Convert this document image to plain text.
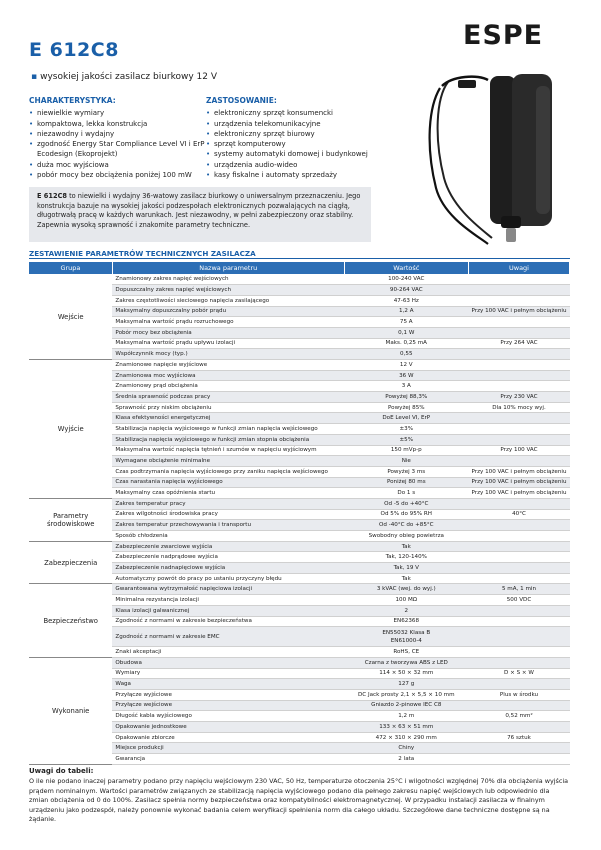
ESPE
E 612C8
▪ wysokiej jakości zasilacz biurkowy 12 V
CHARAKTERYSTYKA:
• niewielkie wymiary
• kompaktowa, lekka konstrukcja
• niezawodny i wydajny
• zgodność Energy Star Compliance Level VI i ErP Ecodesign (Ekoprojekt)
• duża moc wyjściowa
• pobór mocy bez obciążenia poniżej 100 mW
ZASTOSOWANIE:
• elektroniczny sprzęt konsumencki
• urządzenia telekomunikacyjne
• elektroniczny sprzęt biurowy
• sprzęt komputerowy
• systemy automatyki domowej i budynkowej
• urządzenia audio-wideo
• kasy fiskalne i automaty sprzedaży
E 612C8 to niewielki i wydajny 36-watowy zasilacz biurkowy o uniwersalnym przeznaczeniu. Jego konstrukcja bazuje na wysokiej jakości podzespołach elektronicznych pozwalających na ciągłą, długotrwałą pracę w każdych warunkach. Jest niezawodny, w pełni zabezpieczony oraz stabilny. Zapewnia wysoką sprawność i znakomite parametry techniczne.
ZESTAWIENIE PARAMETRÓW TECHNICZNYCH ZASILACZA
Grupa	Nazwa parametru	Wartość	Uwagi
Wejście	Znamionowy zakres napięć wejściowych	100-240 VAC	
	Dopuszczalny zakres napięć wejściowych	90-264 VAC	
	Zakres częstotliwości sieciowego napięcia zasilającego	47-63 Hz	
	Maksymalny dopuszczalny pobór prądu	1,2 A	Przy 100 VAC i pełnym obciążeniu
	Maksymalna wartość prądu rozruchowego	75 A	
	Pobór mocy bez obciążenia	0,1 W	
	Maksymalna wartość prądu upływu izolacji	Maks. 0,25 mA	Przy 264 VAC
	Współczynnik mocy (typ.)	0,55	
Wyjście	Znamionowe napięcie wyjściowe	12 V	
	Znamionowa moc wyjściowa	36 W	
	Znamionowy prąd obciążenia	3 A	
	Średnia sprawność podczas pracy	Powyżej 88,3%	Przy 230 VAC
	Sprawność przy niskim obciążeniu	Powyżej 85%	Dla 10% mocy wyj.
	Klasa efektywności energetycznej	DoE Level VI, ErP	
	Stabilizacja napięcia wyjściowego w funkcji zmian napięcia wejściowego	±3%	
	Stabilizacja napięcia wyjściowego w funkcji zmian stopnia obciążenia	±5%	
	Maksymalna wartość napięcia tętnień i szumów w napięciu wyjściowym	150 mVp-p	Przy 100 VAC
	Wymagane obciążenie minimalne	Nie	
	Czas podtrzymania napięcia wyjściowego przy zaniku napięcia wejściowego	Powyżej 3 ms	Przy 100 VAC i pełnym obciążeniu
	Czas narastania napięcia wyjściowego	Poniżej 80 ms	Przy 100 VAC i pełnym obciążeniu
	Maksymalny czas opóźnienia startu	Do 1 s	Przy 100 VAC i pełnym obciążeniu
Parametry środowiskowe	Zakres temperatur pracy	Od -5 do +40°C	
	Zakres wilgotności środowiska pracy	Od 5% do 95% RH	40°C
	Zakres temperatur przechowywania i transportu	Od -40°C do +85°C	
	Sposób chłodzenia	Swobodny obieg powietrza	
Zabezpieczenia	Zabezpieczenie zwarciowe wyjścia	Tak	
	Zabezpieczenie nadprądowe wyjścia	Tak, 120-140%	
	Zabezpieczenie nadnapięciowe wyjścia	Tak, 19 V	
	Automatyczny powrót do pracy po ustaniu przyczyny błędu	Tak	
Bezpieczeństwo	Gwarantowana wytrzymałość napięciowa izolacji	3 kVAC (wej. do wyj.)	5 mA, 1 min
	Minimalna rezystancja izolacji	100 MΩ	500 VDC
	Klasa izolacji galwanicznej	2	
	Zgodność z normami w zakresie bezpieczeństwa	EN62368	
	Zgodność z normami w zakresie EMC	EN55032 Klasa B
EN61000-4	
	Znaki akceptacji	RoHS, CE	
Wykonanie	Obudowa	Czarna z tworzywa ABS z LED	
	Wymiary	114 × 50 × 32 mm	D × S × W
	Waga	127 g	
	Przyłącze wyjściowe	DC Jack prosty 2,1 × 5,5 × 10 mm	Plus w środku
	Przyłącze wejściowe	Gniazdo 2-pinowe IEC C8	
	Długość kabla wyjściowego	1,2 m	0,52 mm²
	Opakowanie jednostkowe	133 × 63 × 51 mm	
	Opakowanie zbiorcze	472 × 310 × 290 mm	76 sztuk
	Miejsce produkcji	Chiny	
	Gwarancja	2 lata	
Uwagi do tabeli:
O ile nie podano inaczej parametry podano przy napięciu wejściowym 230 VAC, 50 Hz, temperaturze otoczenia 25°C i wilgotności względnej 70% dla obciążenia wyjścia prądem nominalnym. Wartości parametrów związanych ze stabilizacją napięcia wyjściowego podano dla pełnego zakresu napięć wejściowych lub odpowiednio dla zmian obciążenia od 0 do 100%. Zasilacz spełnia normy bezpieczeństwa oraz kompatybilności elektromagnetycznej. W przypadku instalacji zasilacza w finalnym urządzeniu jako podzespół, należy ponownie wykonać badania celem weryfikacji spełnienia norm dla całego układu. Szczegółowe dane techniczne dostępne są na żądanie.
